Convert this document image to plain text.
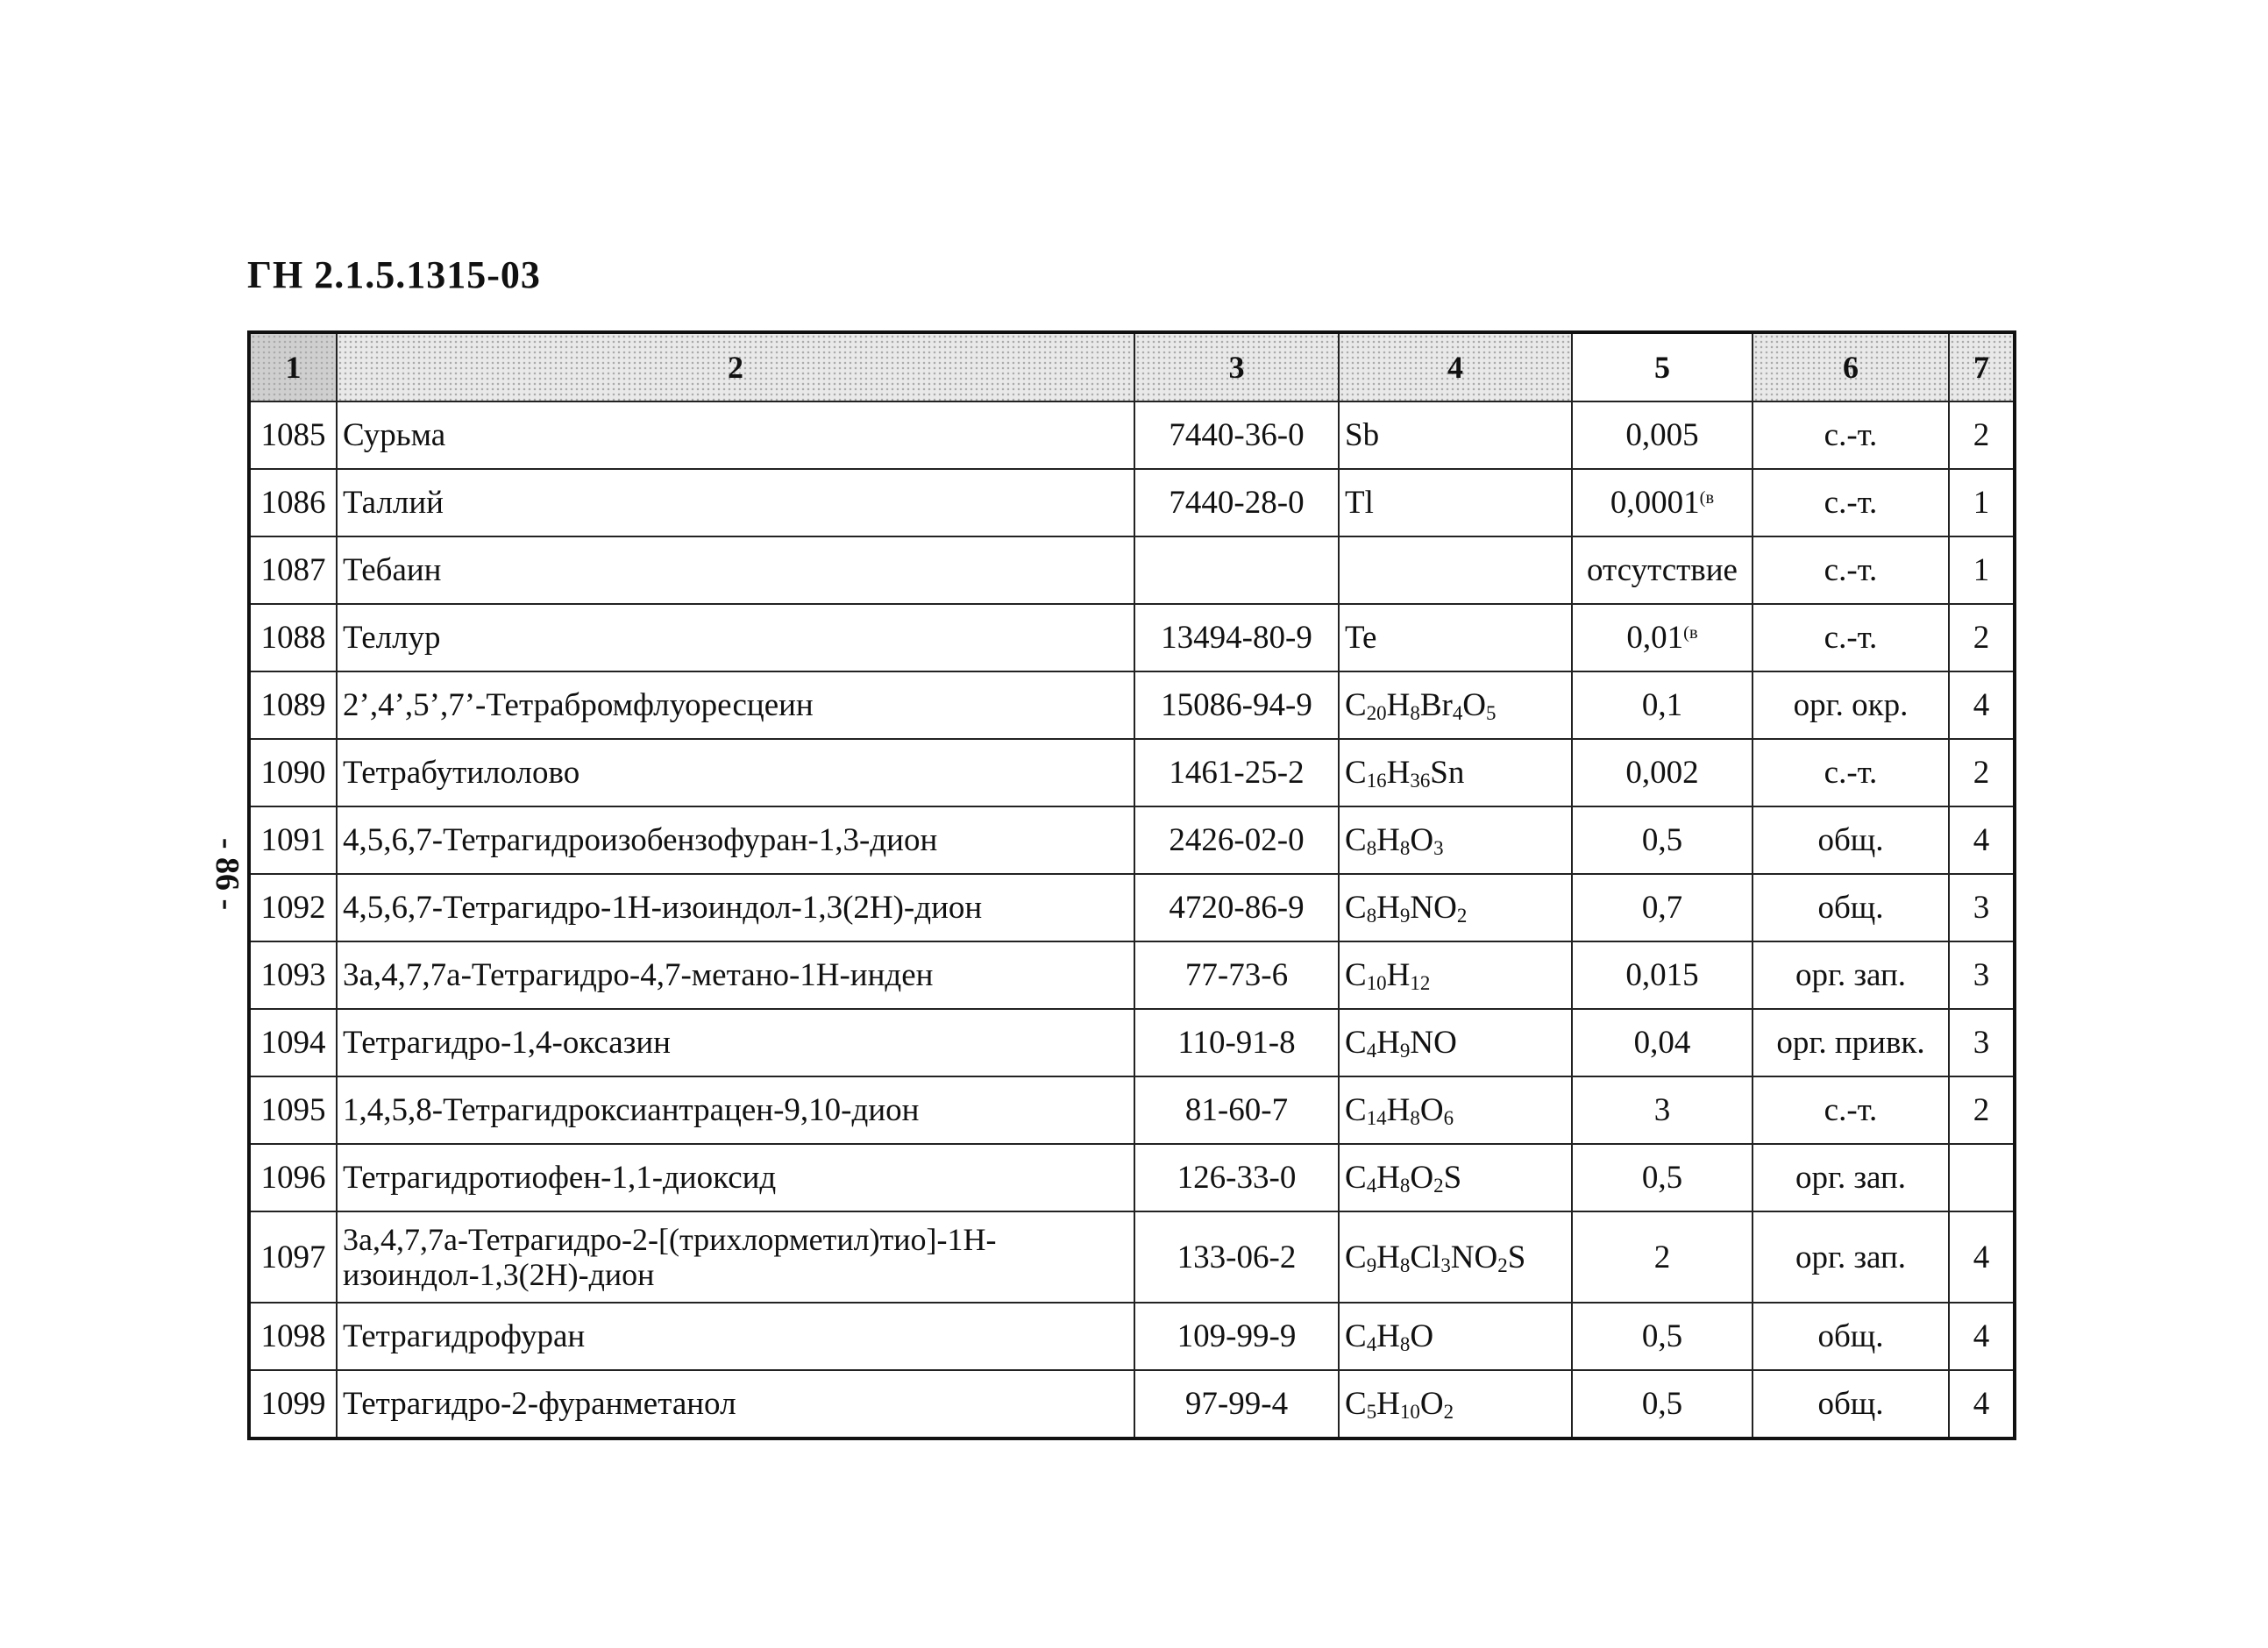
ГН 2.1.5.1315-03
- 86 -
1	2	3	4	5	6	7
1085	Сурьма	7440-36-0	Sb	0,005	с.-т.	2
1086	Таллий	7440-28-0	Tl	$0,0001^{(в}$	с.-т.	1
1087	Тебаин			отсутствие	с.-т.	1
1088	Теллур	13494-80-9	Te	$0,01^{(в}$	с.-т.	2
1089	2’,4’,5’,7’-Тетрабромфлуоресцеин	15086-94-9	$C_{20}H_8Br_4O_5$	0,1	орг. окр.	4
1090	Тетрабутилолово	1461-25-2	$C_{16}H_{36}Sn$	0,002	с.-т.	2
1091	4,5,6,7-Тетрагидроизобензофуран-1,3-дион	2426-02-0	$C_8H_8O_3$	0,5	общ.	4
1092	4,5,6,7-Тетрагидро-1Н-изоиндол-1,3(2Н)-дион	4720-86-9	$C_8H_9NO_2$	0,7	общ.	3
1093	3a,4,7,7a-Тетрагидро-4,7-метано-1Н-инден	77-73-6	$C_{10}H_{12}$	0,015	орг. зап.	3
1094	Тетрагидро-1,4-оксазин	110-91-8	$C_4H_9NO$	0,04	орг. привк.	3
1095	1,4,5,8-Тетрагидроксиантрацен-9,10-дион	81-60-7	$C_{14}H_8O_6$	3	с.-т.	2
1096	Тетрагидротиофен-1,1-диоксид	126-33-0	$C_4H_8O_2S$	0,5	орг. зап.	
1097	3a,4,7,7a-Тетрагидро-2-[(трихлорметил)тио]-1Н-изоиндол-1,3(2Н)-дион	133-06-2	$C_9H_8Cl_3NO_2S$	2	орг. зап.	4
1098	Тетрагидрофуран	109-99-9	$C_4H_8O$	0,5	общ.	4
1099	Тетрагидро-2-фуранметанол	97-99-4	$C_5H_{10}O_2$	0,5	общ.	4
